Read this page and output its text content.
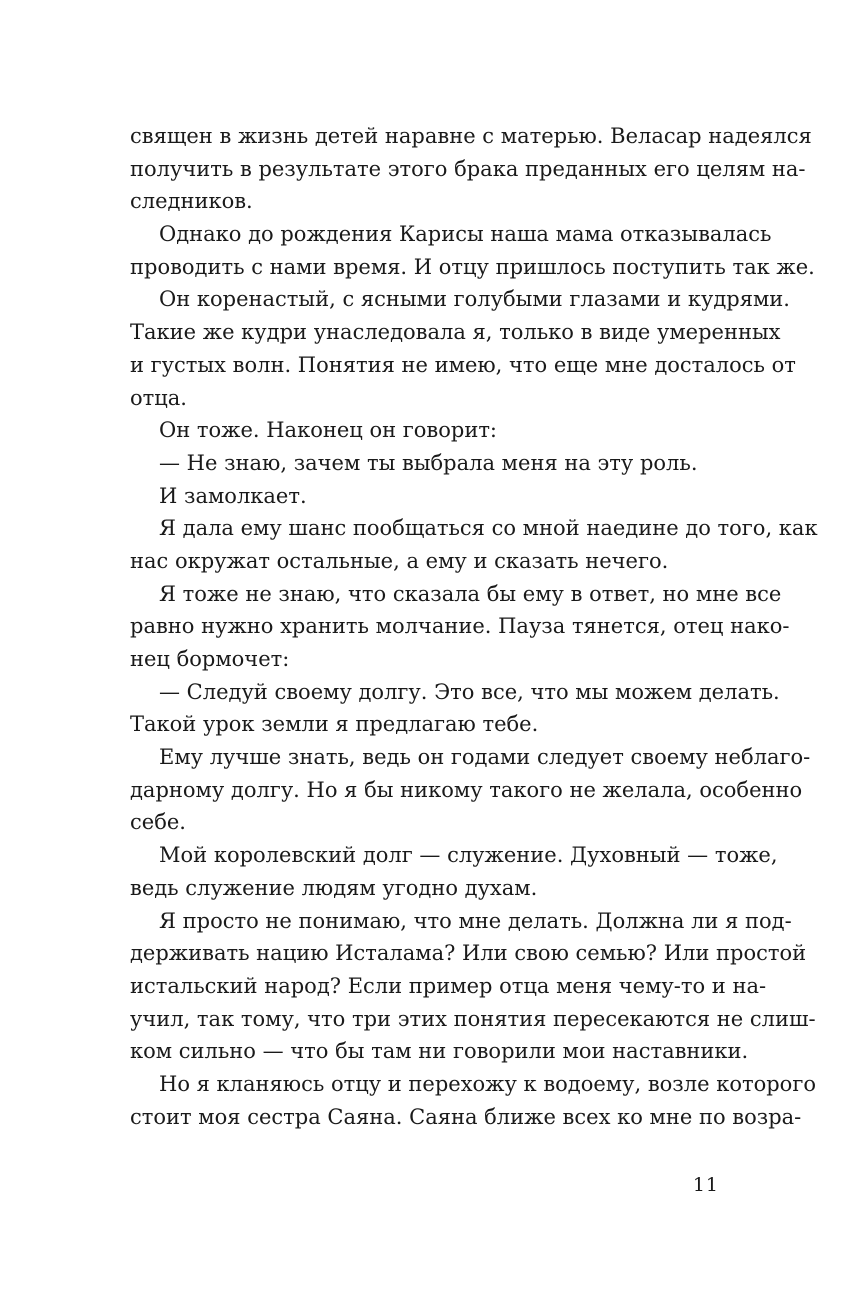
священ в жизнь детей наравне с матерью. Веласар надеялся
получить в результате этого брака преданных его целям на-
следников.
Однако до рождения Карисы наша мама отказывалась
проводить с нами время. И отцу пришлось поступить так же.
Он коренастый, с ясными голубыми глазами и кудрями.
Такие же кудри унаследовала я, только в виде умеренных
и густых волн. Понятия не имею, что еще мне досталось от
отца.
Он тоже. Наконец он говорит:
— Не знаю, зачем ты выбрала меня на эту роль.
И замолкает.
Я дала ему шанс пообщаться со мной наедине до того, как
нас окружат остальные, а ему и сказать нечего.
Я тоже не знаю, что сказала бы ему в ответ, но мне все
равно нужно хранить молчание. Пауза тянется, отец нако-
нец бормочет:
— Следуй своему долгу. Это все, что мы можем делать.
Такой урок земли я предлагаю тебе.
Ему лучше знать, ведь он годами следует своему неблаго-
дарному долгу. Но я бы никому такого не желала, особенно
себе.
Мой королевский долг — служение. Духовный — тоже,
ведь служение людям угодно духам.
Я просто не понимаю, что мне делать. Должна ли я под-
держивать нацию Исталама? Или свою семью? Или простой
истальский народ? Если пример отца меня чему-то и на-
учил, так тому, что три этих понятия пересекаются не слиш-
ком сильно — что бы там ни говорили мои наставники.
Но я кланяюсь отцу и перехожу к водоему, возле которого
стоит моя сестра Саяна. Саяна ближе всех ко мне по возра-
11
